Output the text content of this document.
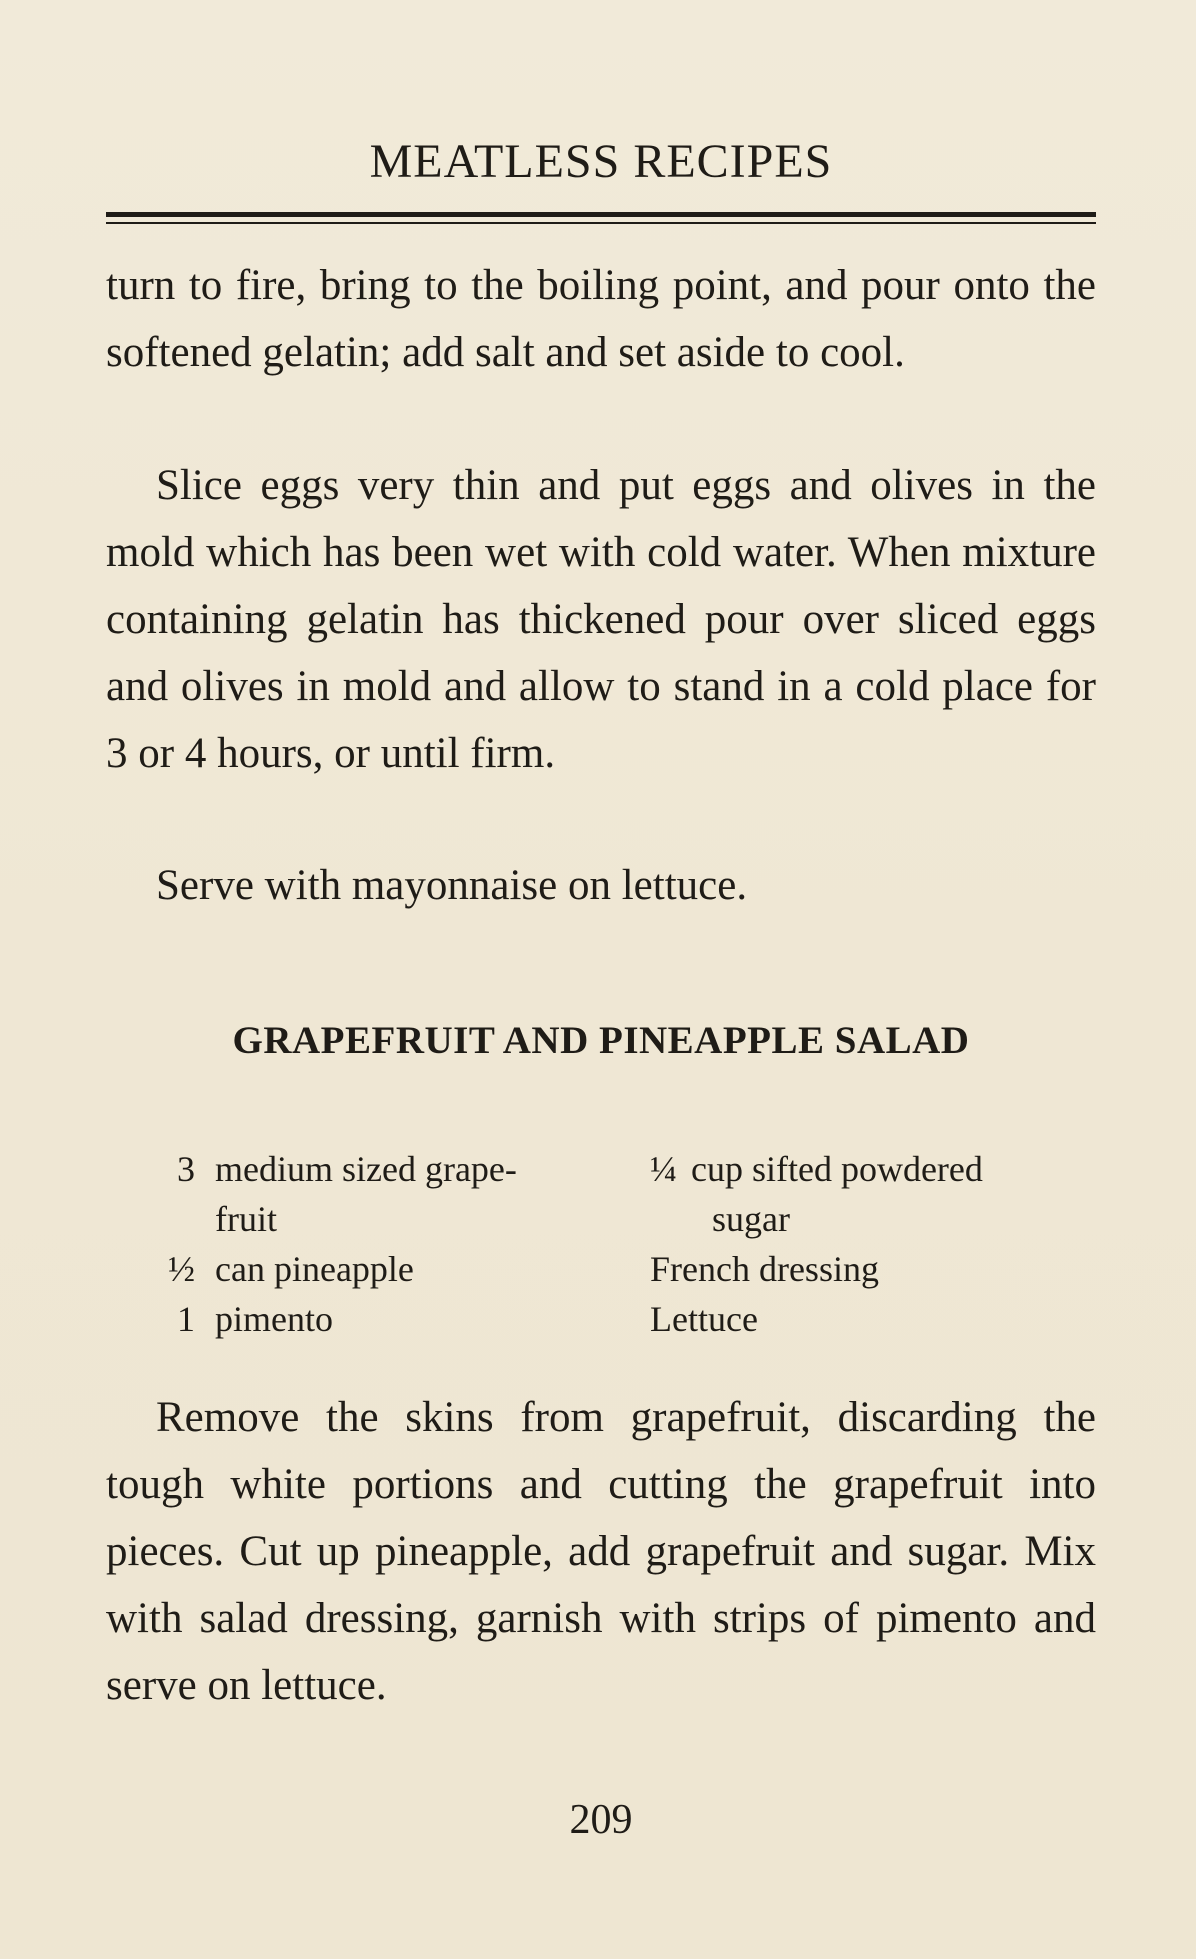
MEATLESS RECIPES

turn to fire, bring to the boiling point, and pour onto the softened gelatin; add salt and set aside to cool.

Slice eggs very thin and put eggs and olives in the mold which has been wet with cold water. When mixture containing gelatin has thickened pour over sliced eggs and olives in mold and allow to stand in a cold place for 3 or 4 hours, or until firm.

Serve with mayonnaise on lettuce.

GRAPEFRUIT AND PINEAPPLE SALAD
3 medium sized grape-
fruit
½ can pineapple
1 pimento
¼ cup sifted powdered
sugar
French dressing
Lettuce

Remove the skins from grapefruit, discarding the tough white portions and cutting the grapefruit into pieces. Cut up pineapple, add grapefruit and sugar. Mix with salad dressing, garnish with strips of pimento and serve on lettuce.

209
